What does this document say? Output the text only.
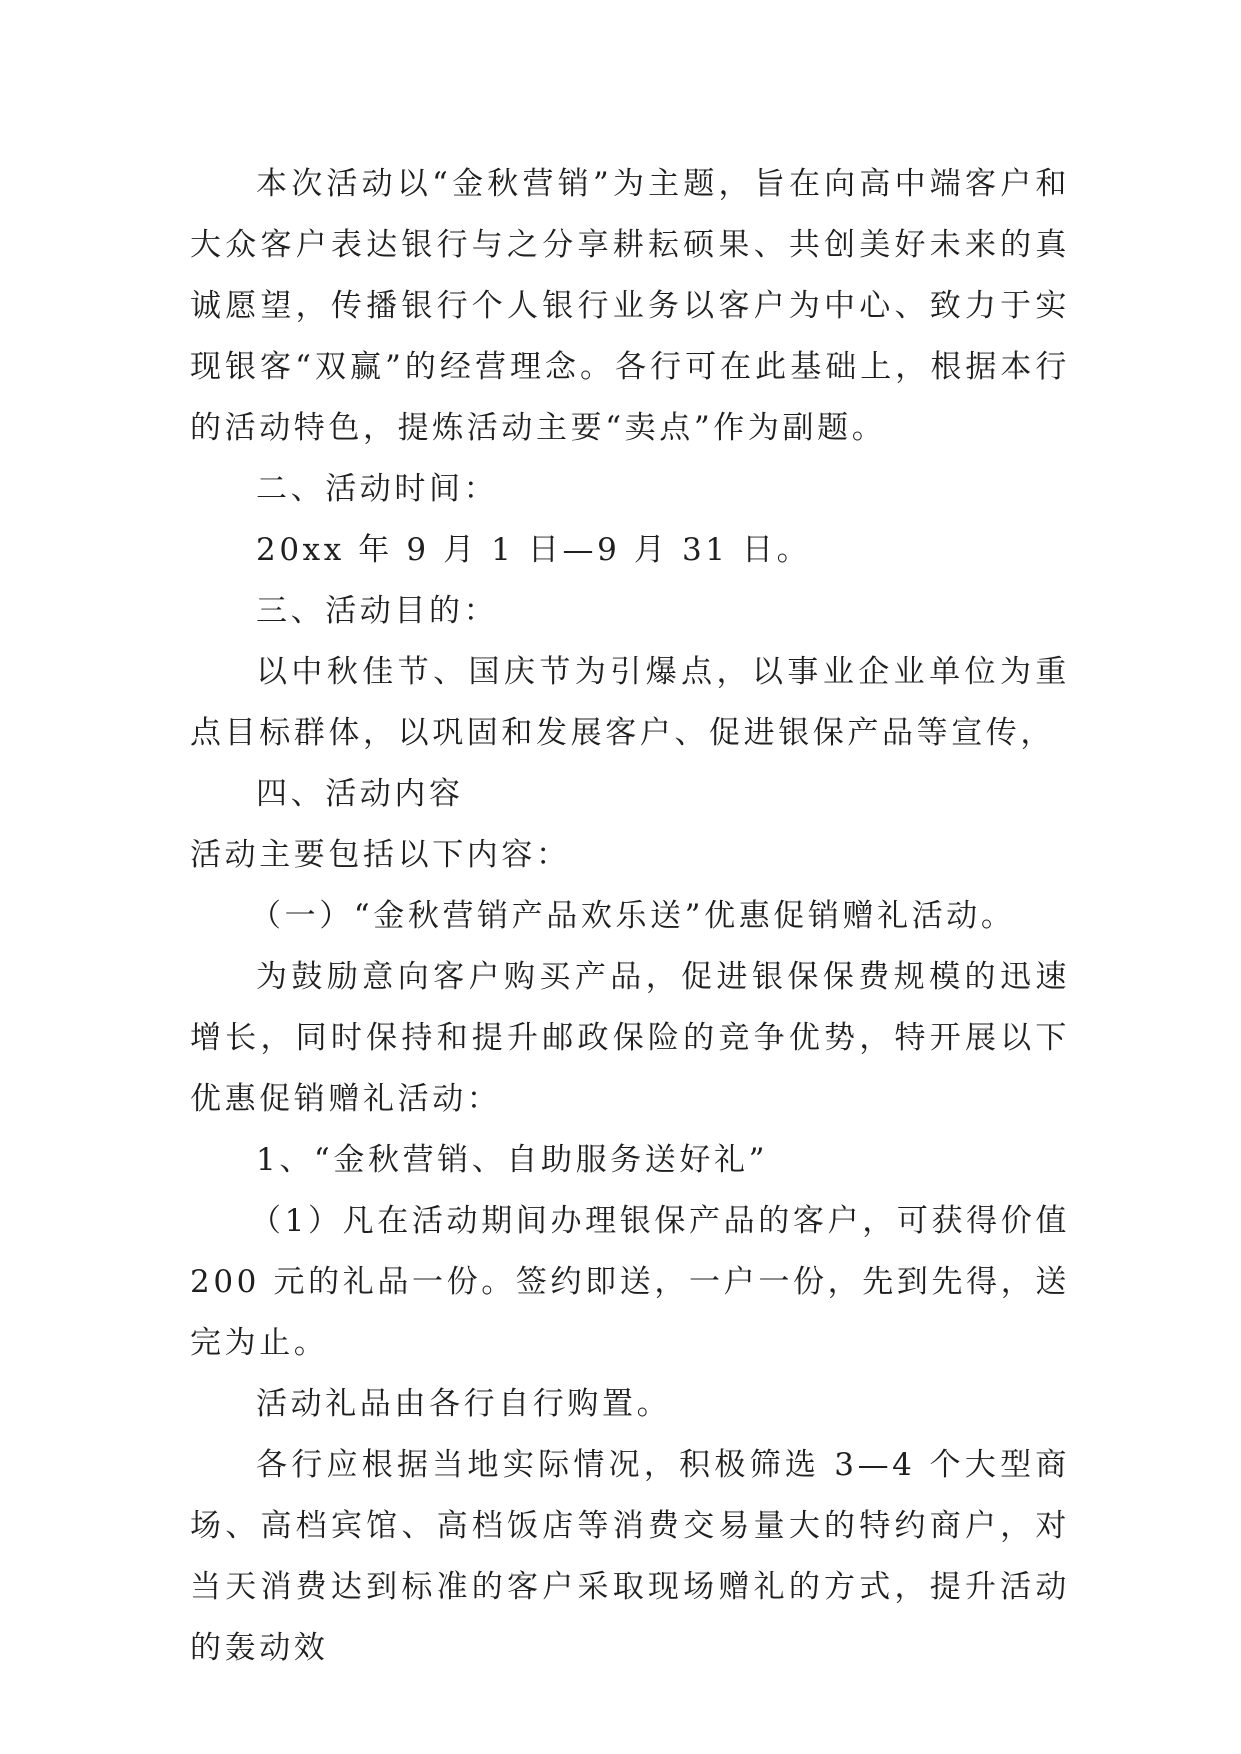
本次活动以“金秋营销”为主题，旨在向高中端客户和大众客户表达银行与之分享耕耘硕果、共创美好未来的真诚愿望，传播银行个人银行业务以客户为中心、致力于实现银客“双赢”的经营理念。各行可在此基础上，根据本行的活动特色，提炼活动主要“卖点”作为副题。

二、活动时间：

20xx 年 9 月 1 日—9 月 31 日。

三、活动目的：

以中秋佳节、国庆节为引爆点，以事业企业单位为重点目标群体，以巩固和发展客户、促进银保产品等宣传，

四、活动内容

活动主要包括以下内容：

（一）“金秋营销产品欢乐送”优惠促销赠礼活动。

为鼓励意向客户购买产品，促进银保保费规模的迅速增长，同时保持和提升邮政保险的竞争优势，特开展以下优惠促销赠礼活动：

1、“金秋营销、自助服务送好礼”

（1）凡在活动期间办理银保产品的客户，可获得价值 200 元的礼品一份。签约即送，一户一份，先到先得，送完为止。

活动礼品由各行自行购置。

各行应根据当地实际情况，积极筛选 3—4 个大型商场、高档宾馆、高档饭店等消费交易量大的特约商户，对当天消费达到标准的客户采取现场赠礼的方式，提升活动的轰动效
